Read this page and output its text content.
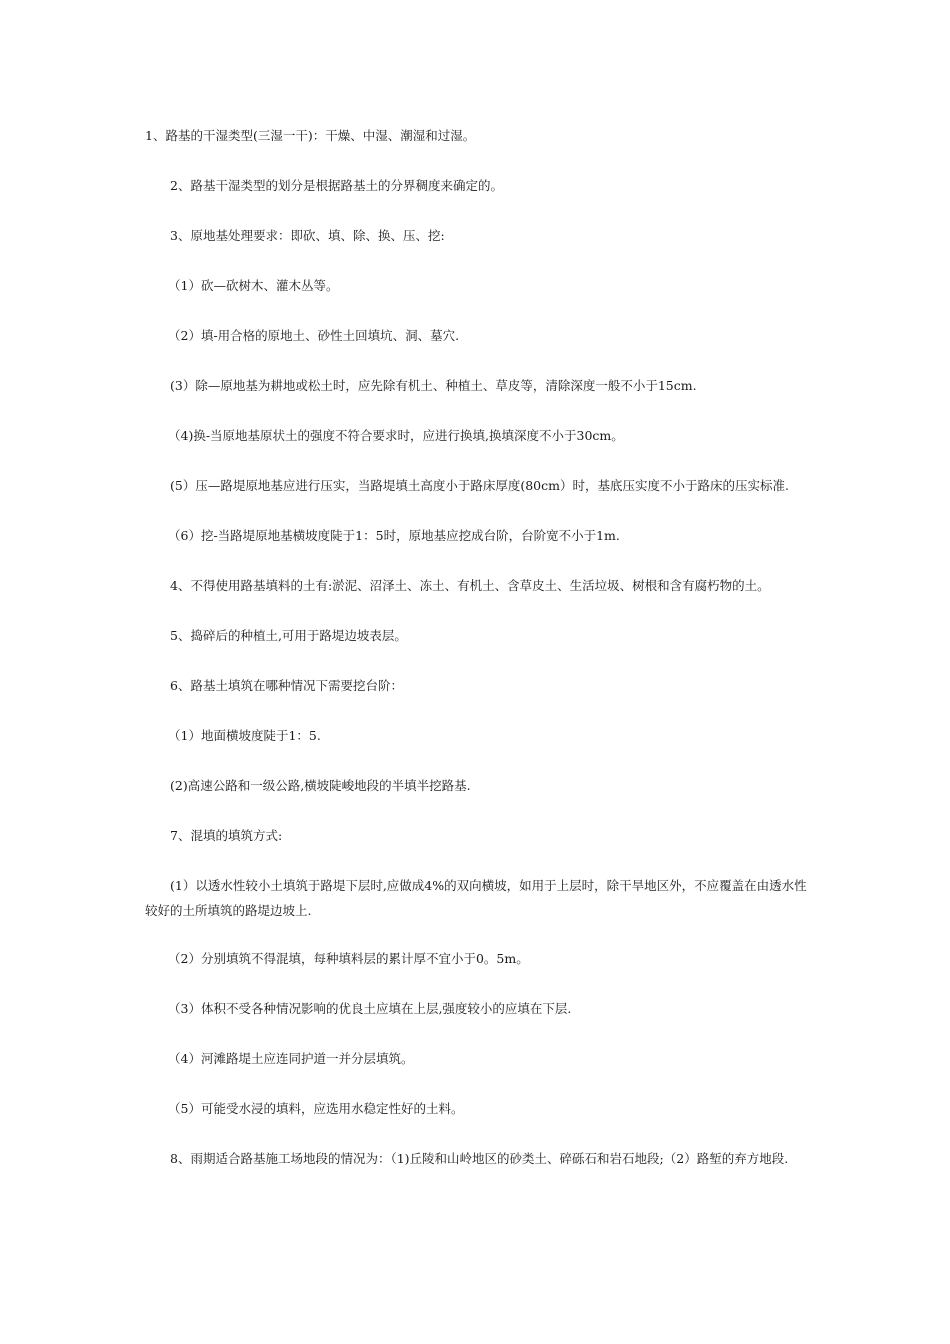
1、路基的干湿类型(三湿一干)：干燥、中湿、潮湿和过湿。

2、路基干湿类型的划分是根据路基土的分界稠度来确定的。

3、原地基处理要求：即砍、填、除、换、压、挖:

（1）砍—砍树木、灌木丛等。

（2）填-用合格的原地土、砂性土回填坑、洞、墓穴.

(3）除—原地基为耕地或松土时，应先除有机土、种植土、草皮等，清除深度一般不小于15cm.

（4)换-当原地基原状土的强度不符合要求时，应进行换填,换填深度不小于30cm。

(5）压—路堤原地基应进行压实，当路堤填土高度小于路床厚度(80cm）时，基底压实度不小于路床的压实标准.

（6）挖-当路堤原地基横坡度陡于1：5时，原地基应挖成台阶，台阶宽不小于1m.

4、不得使用路基填料的土有:淤泥、沼泽土、冻土、有机土、含草皮土、生活垃圾、树根和含有腐朽物的土。

5、捣碎后的种植土,可用于路堤边坡表层。

6、路基土填筑在哪种情况下需要挖台阶：

（1）地面横坡度陡于1：5.

(2)高速公路和一级公路,横坡陡峻地段的半填半挖路基.

7、混填的填筑方式:

(1）以透水性较小土填筑于路堤下层时,应做成4%的双向横坡，如用于上层时，除干旱地区外，不应覆盖在由透水性较好的土所填筑的路堤边坡上.

（2）分别填筑不得混填，每种填料层的累计厚不宜小于0。5m。

（3）体积不受各种情况影响的优良土应填在上层,强度较小的应填在下层.

（4）河滩路堤土应连同护道一并分层填筑。

（5）可能受水浸的填料，应选用水稳定性好的土料。

8、雨期适合路基施工场地段的情况为：（1)丘陵和山岭地区的砂类土、碎砾石和岩石地段;（2）路堑的弃方地段.
